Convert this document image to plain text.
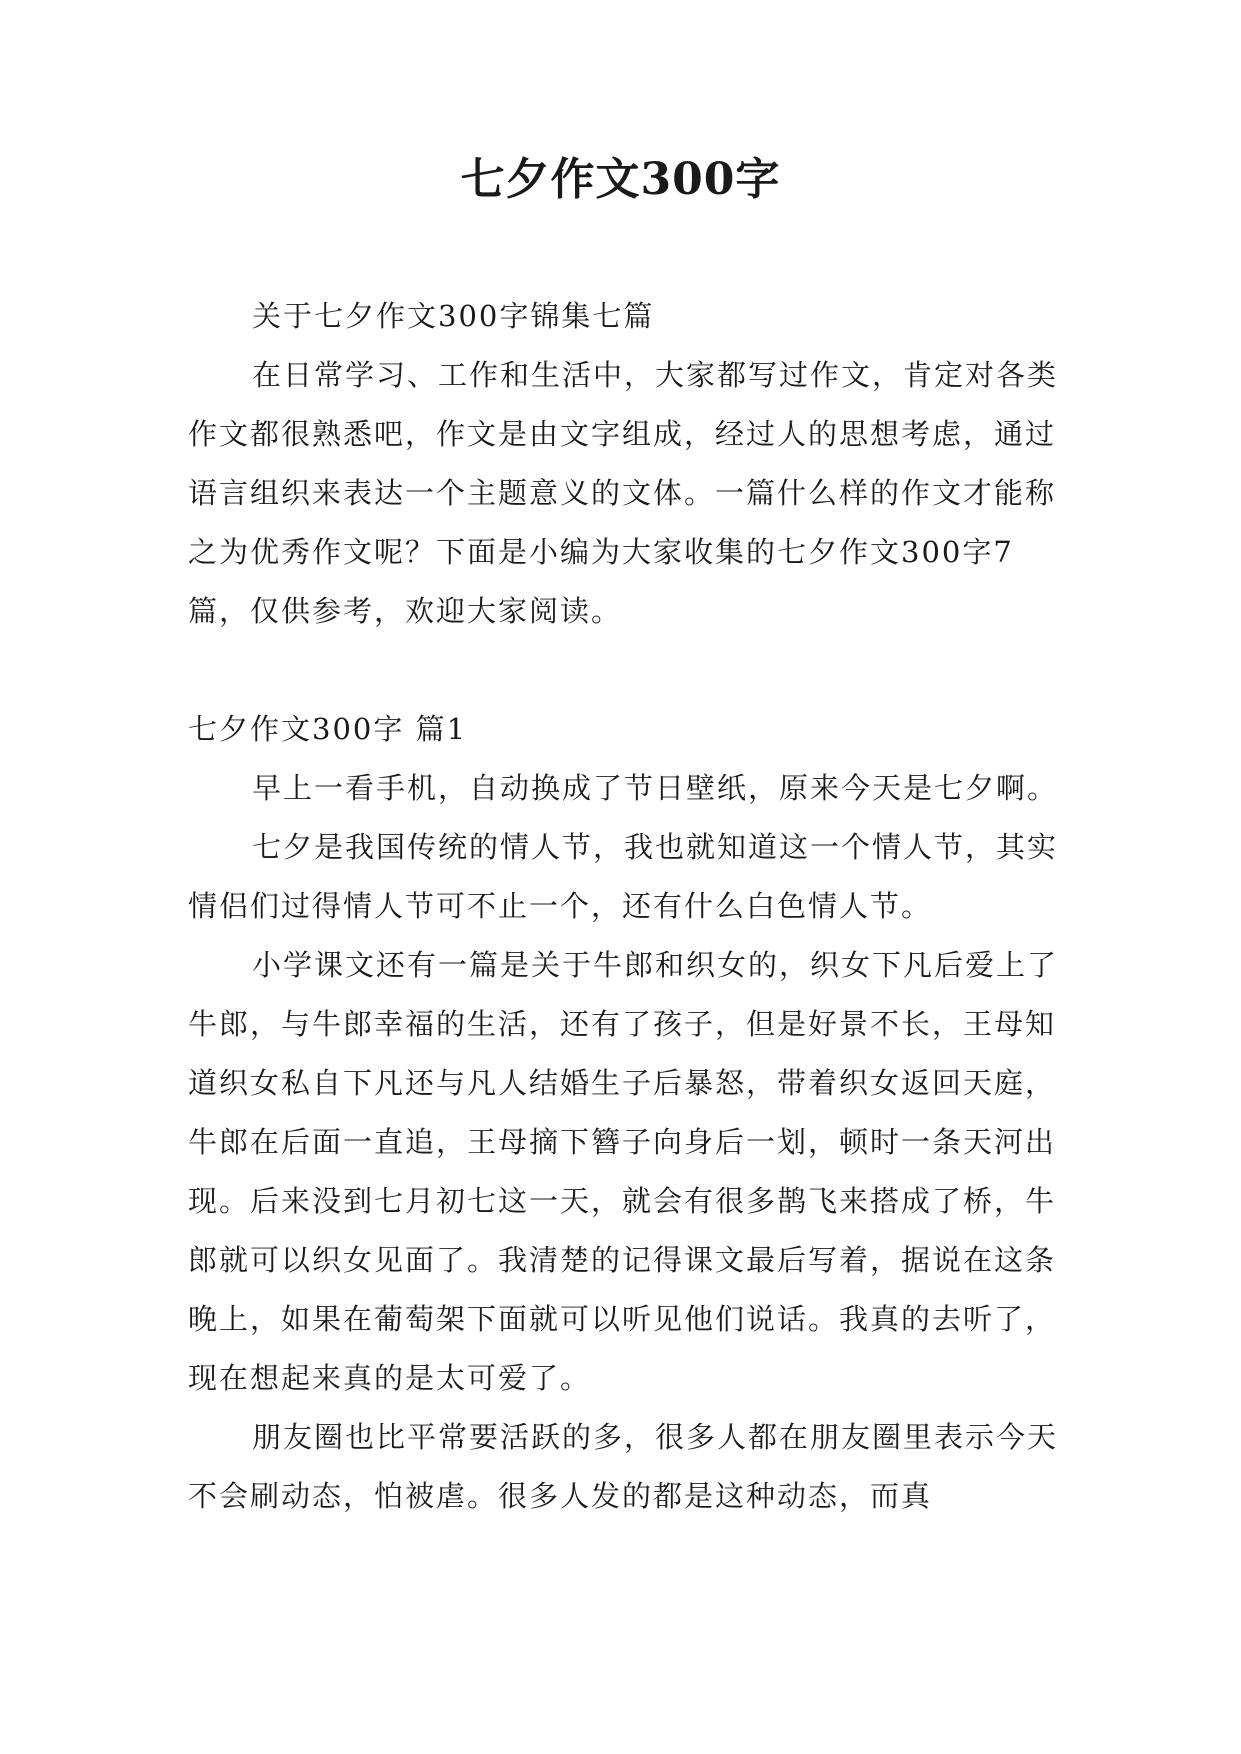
七夕作文300字

关于七夕作文300字锦集七篇

在日常学习、工作和生活中，大家都写过作文，肯定对各类作文都很熟悉吧，作文是由文字组成，经过人的思想考虑，通过语言组织来表达一个主题意义的文体。一篇什么样的作文才能称之为优秀作文呢？下面是小编为大家收集的七夕作文300字7篇，仅供参考，欢迎大家阅读。

七夕作文300字 篇1

早上一看手机，自动换成了节日壁纸，原来今天是七夕啊。

七夕是我国传统的情人节，我也就知道这一个情人节，其实情侣们过得情人节可不止一个，还有什么白色情人节。

小学课文还有一篇是关于牛郎和织女的，织女下凡后爱上了牛郎，与牛郎幸福的生活，还有了孩子，但是好景不长，王母知道织女私自下凡还与凡人结婚生子后暴怒，带着织女返回天庭，牛郎在后面一直追，王母摘下簪子向身后一划，顿时一条天河出现。后来没到七月初七这一天，就会有很多鹊飞来搭成了桥，牛郎就可以织女见面了。我清楚的记得课文最后写着，据说在这条晚上，如果在葡萄架下面就可以听见他们说话。我真的去听了，现在想起来真的是太可爱了。

朋友圈也比平常要活跃的多，很多人都在朋友圈里表示今天不会刷动态，怕被虐。很多人发的都是这种动态，而真
